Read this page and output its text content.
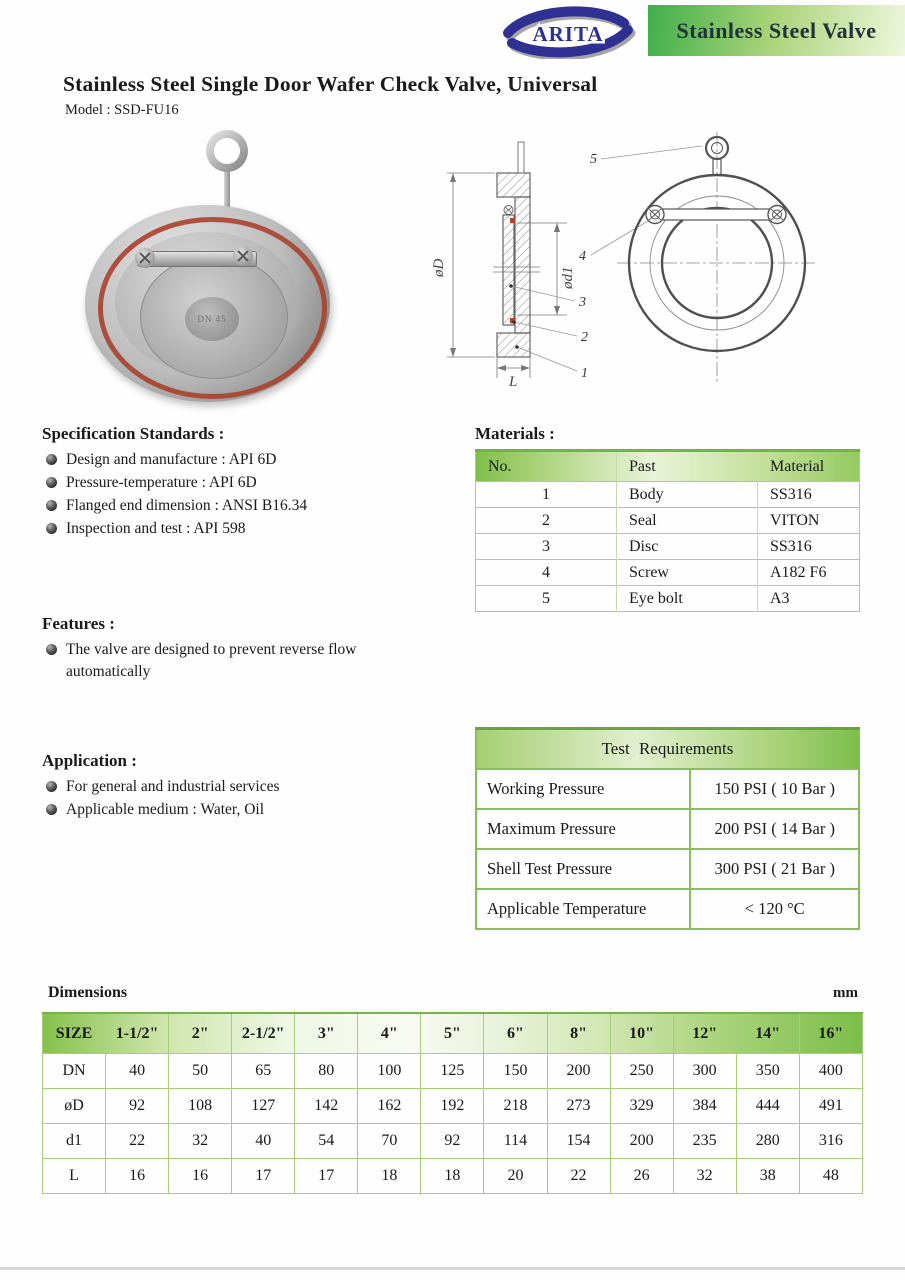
ARITA	Stainless Steel Valve
Stainless Steel Single Door Wafer Check Valve, Universal
Model : SSD-FU16
DN 45
øD	ød1
L
1
2
3
4
5
Specification Standards :
Design and manufacture : API 6D
Pressure-temperature : API 6D
Flanged end dimension : ANSI B16.34
Inspection and test : API 598
Materials :
No.	Past	Material
1	Body	SS316
2	Seal	VITON
3	Disc	SS316
4	Screw	A182 F6
5	Eye bolt	A3
Features :
The valve are designed to prevent reverse flow automatically
Application :
For general and industrial services
Applicable medium : Water, Oil
Test Requirements	
Working Pressure	150 PSI ( 10 Bar )
Maximum Pressure	200 PSI ( 14 Bar )
Shell Test Pressure	300 PSI ( 21 Bar )
Applicable Temperature	< 120 °C
Dimensions	mm
SIZE	1-1/2"	2"	2-1/2"	3"	4"	5"	6"	8"	10"	12"	14"	16"
DN	40	50	65	80	100	125	150	200	250	300	350	400
øD	92	108	127	142	162	192	218	273	329	384	444	491
d1	22	32	40	54	70	92	114	154	200	235	280	316
L	16	16	17	17	18	18	20	22	26	32	38	48
